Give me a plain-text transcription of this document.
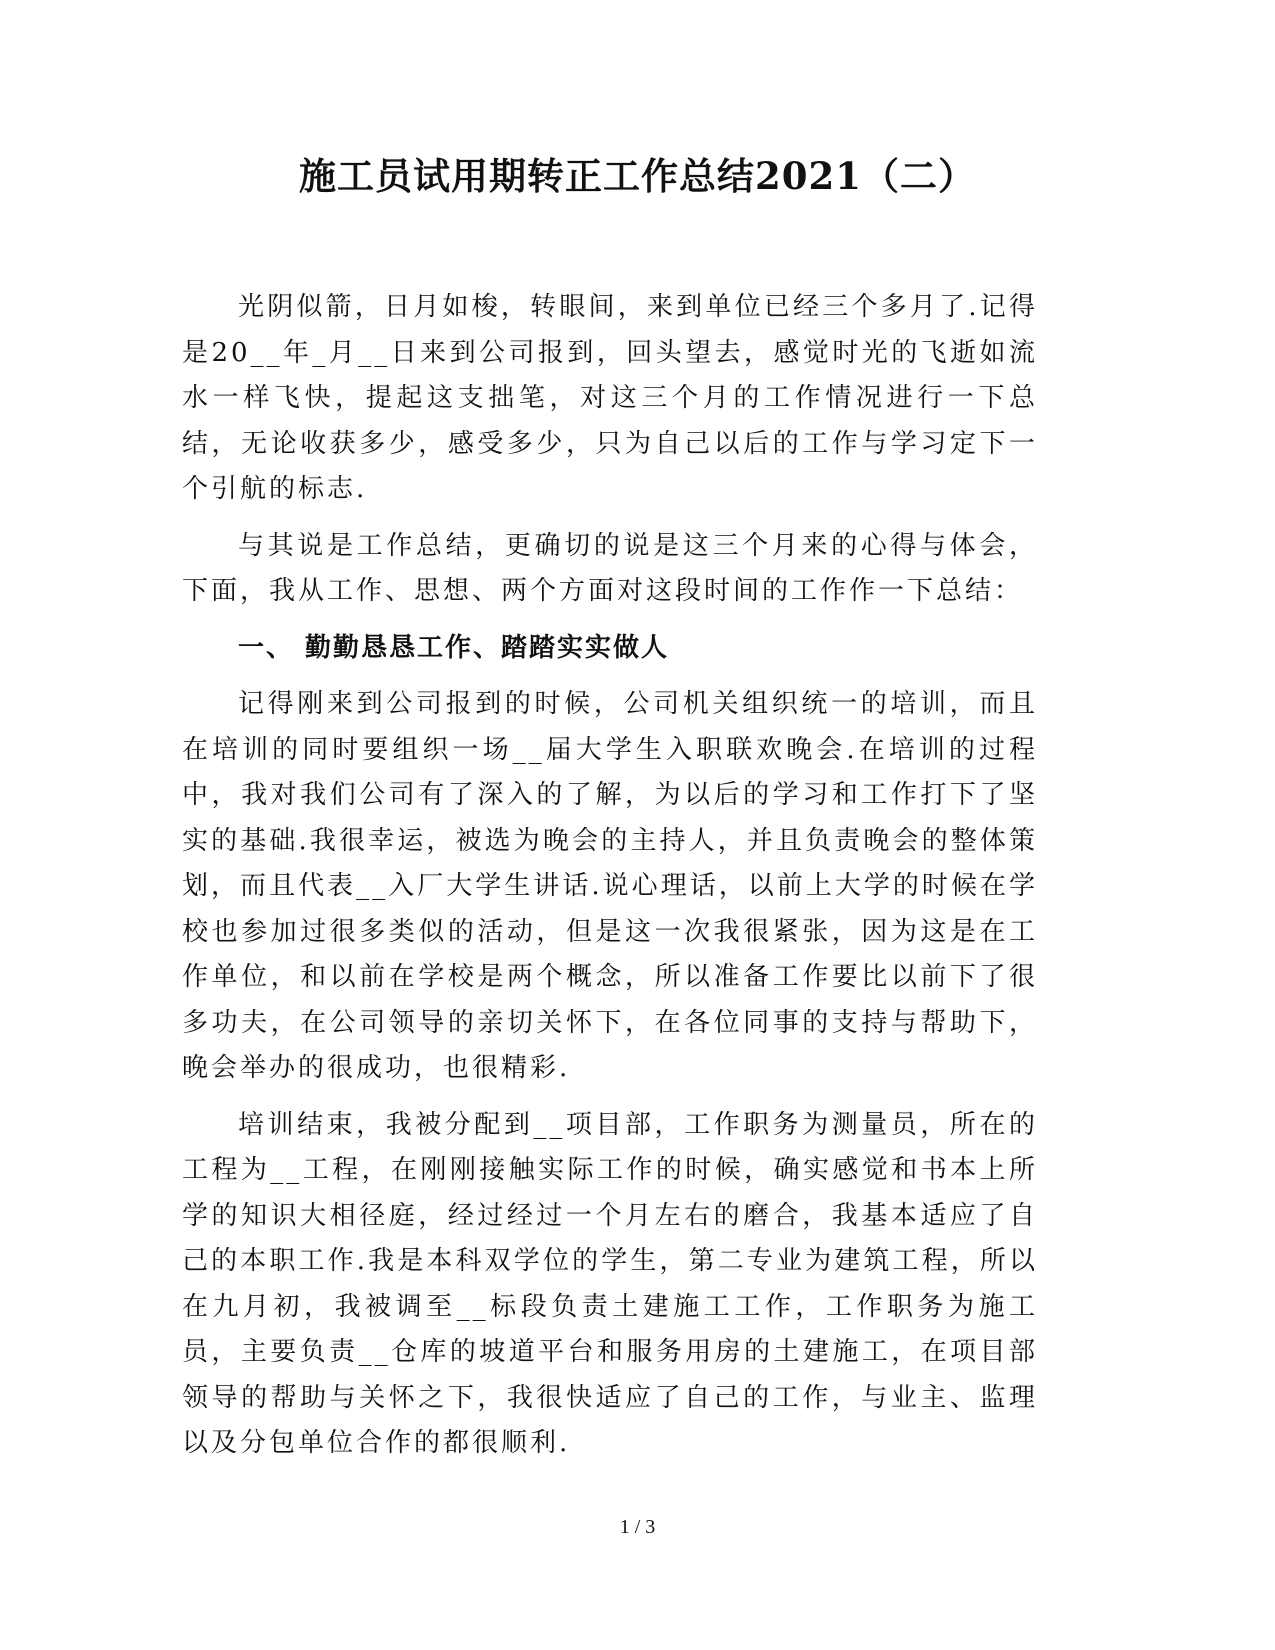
施工员试用期转正工作总结2021（二）

光阴似箭，日月如梭，转眼间，来到单位已经三个多月了.记得是20__年_月__日来到公司报到，回头望去，感觉时光的飞逝如流水一样飞快，提起这支拙笔，对这三个月的工作情况进行一下总结，无论收获多少，感受多少，只为自己以后的工作与学习定下一个引航的标志.

与其说是工作总结，更确切的说是这三个月来的心得与体会，下面，我从工作、思想、两个方面对这段时间的工作作一下总结：

一、 勤勤恳恳工作、踏踏实实做人

记得刚来到公司报到的时候，公司机关组织统一的培训，而且在培训的同时要组织一场__届大学生入职联欢晚会.在培训的过程中，我对我们公司有了深入的了解，为以后的学习和工作打下了坚实的基础.我很幸运，被选为晚会的主持人，并且负责晚会的整体策划，而且代表__入厂大学生讲话.说心理话，以前上大学的时候在学校也参加过很多类似的活动，但是这一次我很紧张，因为这是在工作单位，和以前在学校是两个概念，所以准备工作要比以前下了很多功夫，在公司领导的亲切关怀下，在各位同事的支持与帮助下，晚会举办的很成功，也很精彩.

培训结束，我被分配到__项目部，工作职务为测量员，所在的工程为__工程，在刚刚接触实际工作的时候，确实感觉和书本上所学的知识大相径庭，经过经过一个月左右的磨合，我基本适应了自己的本职工作.我是本科双学位的学生，第二专业为建筑工程，所以在九月初，我被调至__标段负责土建施工工作，工作职务为施工员，主要负责__仓库的坡道平台和服务用房的土建施工，在项目部领导的帮助与关怀之下，我很快适应了自己的工作，与业主、监理以及分包单位合作的都很顺利.

1 / 3
